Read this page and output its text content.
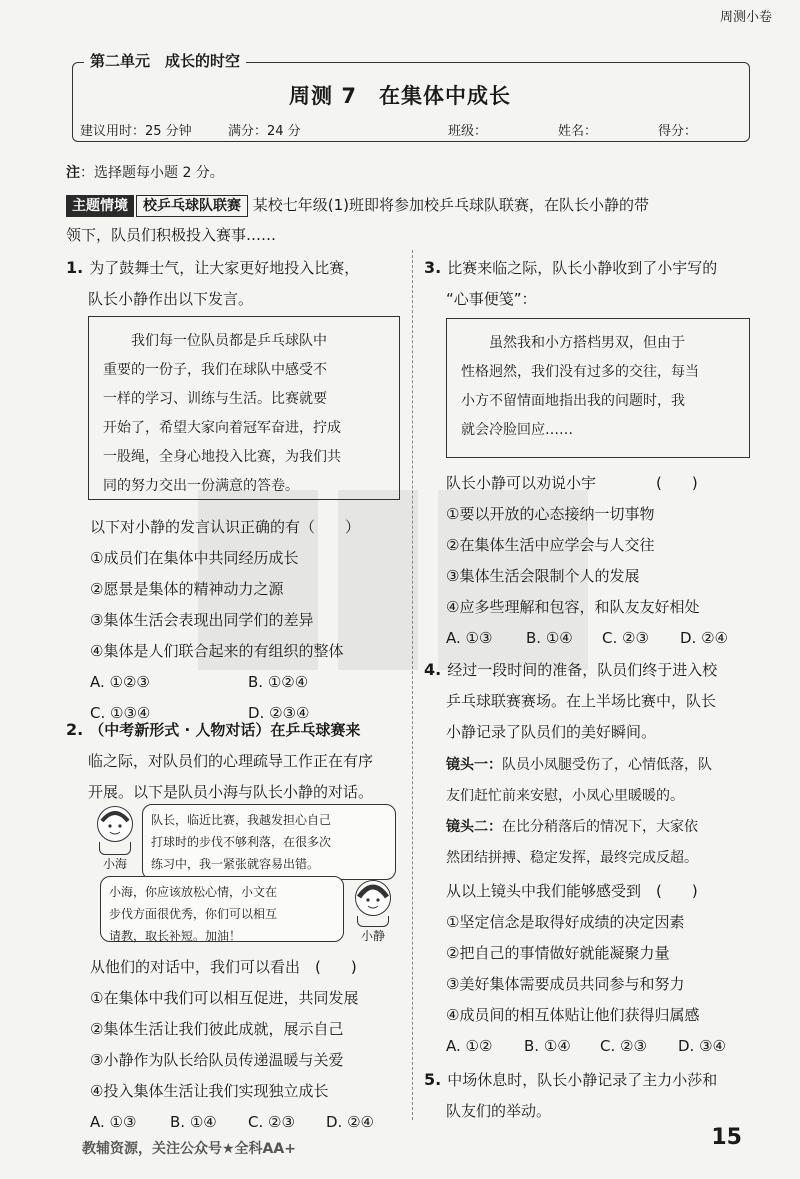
周测小卷
第二单元　成长的时空
周测 7　在集体中成长
建议用时：25 分钟	满分：24 分	班级：	姓名：	得分：
注：选择题每小题 2 分。
主题情境 校乒乓球队联赛 某校七年级(1)班即将参加校乒乓球队联赛，在队长小静的带
领下，队员们积极投入赛事……
1. 为了鼓舞士气，让大家更好地投入比赛，
队长小静作出以下发言。
我们每一位队员都是乒乓球队中
重要的一份子，我们在球队中感受不
一样的学习、训练与生活。比赛就要
开始了，希望大家向着冠军奋进，拧成
一股绳，全身心地投入比赛，为我们共
同的努力交出一份满意的答卷。
以下对小静的发言认识正确的有（　　）
①成员们在集体中共同经历成长
②愿景是集体的精神动力之源
③集体生活会表现出同学们的差异
④集体是人们联合起来的有组织的整体
A. ①②③	B. ①②④
C. ①③④	D. ②③④
2. （中考新形式 · 人物对话）在乒乓球赛来
临之际，对队员们的心理疏导工作正在有序
开展。以下是队员小海与队长小静的对话。
小海
队长，临近比赛，我越发担心自己
打球时的步伐不够利落，在很多次
练习中，我一紧张就容易出错。
小海，你应该放松心情，小文在
步伐方面很优秀，你们可以相互
请教，取长补短。加油！	小静
从他们的对话中，我们可以看出　(　　)
①在集体中我们可以相互促进，共同发展
②集体生活让我们彼此成就，展示自己
③小静作为队长给队员传递温暖与关爱
④投入集体生活让我们实现独立成长
A. ①③ B. ①④ C. ②③ D. ②④
3. 比赛来临之际，队长小静收到了小宇写的
“心事便笺”：
虽然我和小方搭档男双，但由于
性格迥然，我们没有过多的交往，每当
小方不留情面地指出我的问题时，我
就会冷脸回应……
队长小静可以劝说小宇　　　　(　　)
①要以开放的心态接纳一切事物
②在集体生活中应学会与人交往
③集体生活会限制个人的发展
④应多些理解和包容，和队友友好相处
A. ①③ B. ①④ C. ②③ D. ②④
4. 经过一段时间的准备，队员们终于进入校
乒乓球联赛赛场。在上半场比赛中，队长
小静记录了队员们的美好瞬间。
镜头一：队员小凤腿受伤了，心情低落，队
友们赶忙前来安慰，小凤心里暖暖的。
镜头二：在比分稍落后的情况下，大家依
然团结拼搏、稳定发挥，最终完成反超。
从以上镜头中我们能够感受到　(　　)
①坚定信念是取得好成绩的决定因素
②把自己的事情做好就能凝聚力量
③美好集体需要成员共同参与和努力
④成员间的相互体贴让他们获得归属感
A. ①② B. ①④ C. ②③ D. ③④
5. 中场休息时，队长小静记录了主力小莎和
队友们的举动。
教辅资源，关注公众号★全科AA+	15
